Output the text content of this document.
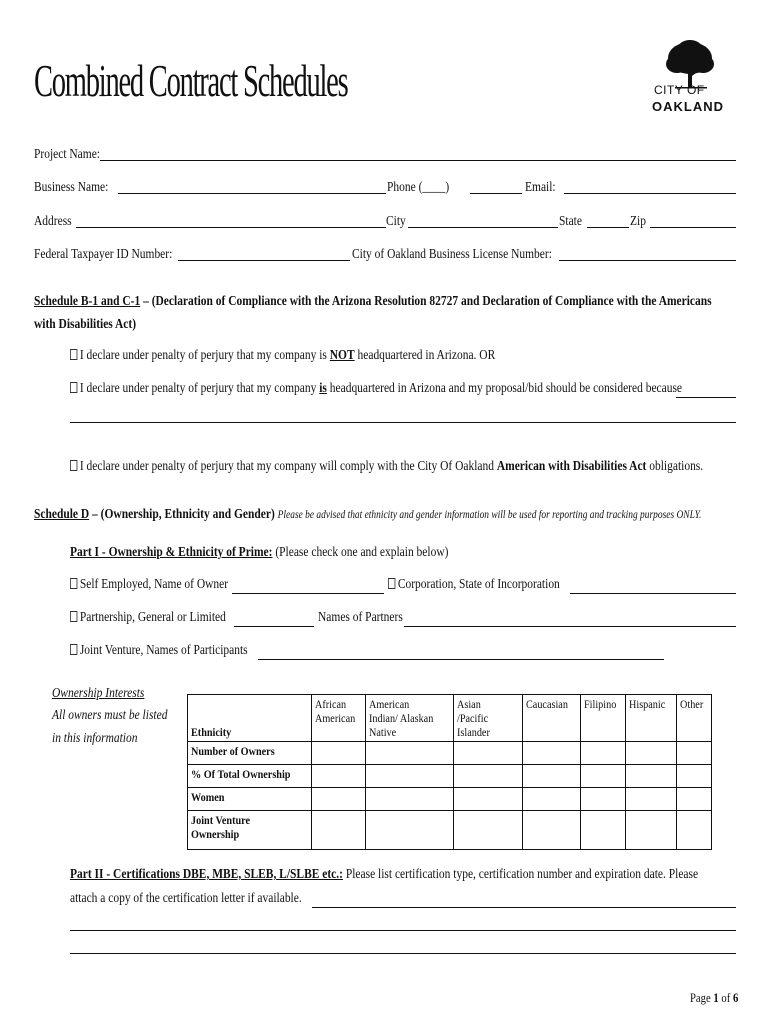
Combined Contract Schedules	CITY OF
OAKLAND
Project Name:
Business Name:	Phone (____)	Email:
Address	City	State	Zip
Federal Taxpayer ID Number:	City of Oakland Business License Number:
Schedule B-1 and C-1 – (Declaration of Compliance with the Arizona Resolution 82727 and Declaration of Compliance with the Americans
with Disabilities Act)
I declare under penalty of perjury that my company is NOT headquartered in Arizona. OR
I declare under penalty of perjury that my company is headquartered in Arizona and my proposal/bid should be considered because
I declare under penalty of perjury that my company will comply with the City Of Oakland American with Disabilities Act obligations.
Schedule D – (Ownership, Ethnicity and Gender) Please be advised that ethnicity and gender information will be used for reporting and tracking purposes ONLY.
Part I - Ownership & Ethnicity of Prime: (Please check one and explain below)
Self Employed, Name of Owner	Corporation, State of Incorporation
Partnership, General or Limited	Names of Partners
Joint Venture, Names of Participants
Ownership Interests
All owners must be listed
in this information	Ethnicity	African American	American Indian/ Alaskan Native	Asian /Pacific Islander	Caucasian	Filipino	Hispanic	Other
Number of Owners							
% Of Total Ownership							
Women							
Joint Venture Ownership							
Part II - Certifications DBE, MBE, SLEB, L/SLBE etc.: Please list certification type, certification number and expiration date. Please
attach a copy of the certification letter if available.
Page 1 of 6
